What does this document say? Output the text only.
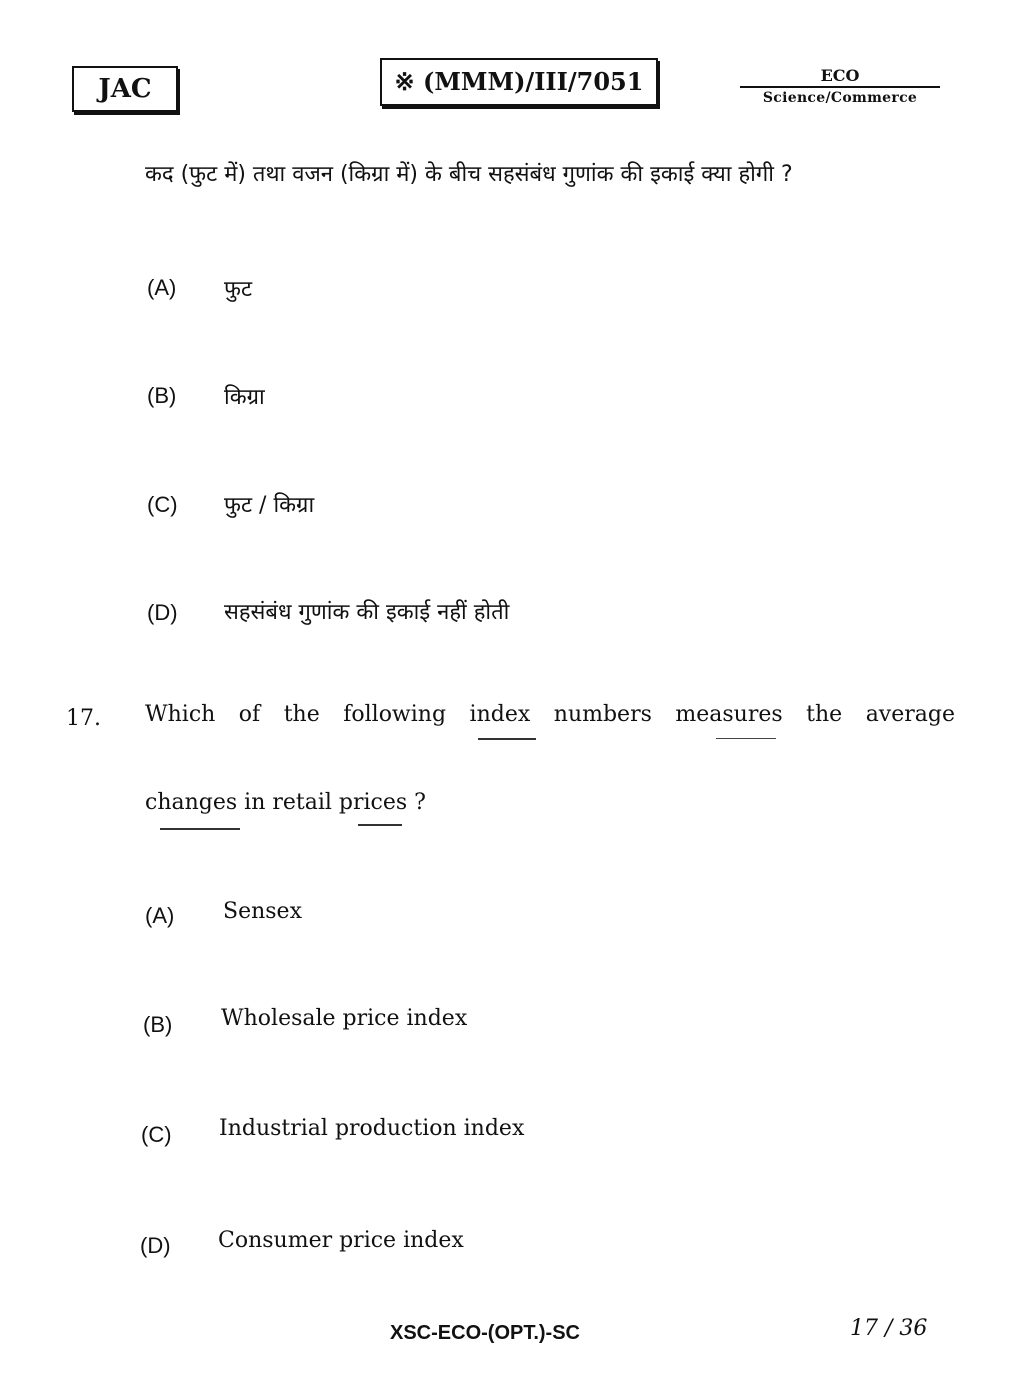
JAC	※ (MMM)/III/7051	ECO
Science/Commerce
कद (फुट में) तथा वजन (किग्रा में) के बीच सहसंबंध गुणांक की इकाई क्या होगी ?
(A) फुट
(B) किग्रा
(C) फुट / किग्रा
(D) सहसंबंध गुणांक की इकाई नहीं होती
17. Which of the following index numbers measures the average
changes in retail prices ?
(A) Sensex
(B) Wholesale price index
(C) Industrial production index
(D) Consumer price index
XSC-ECO-(OPT.)-SC	17 / 36
